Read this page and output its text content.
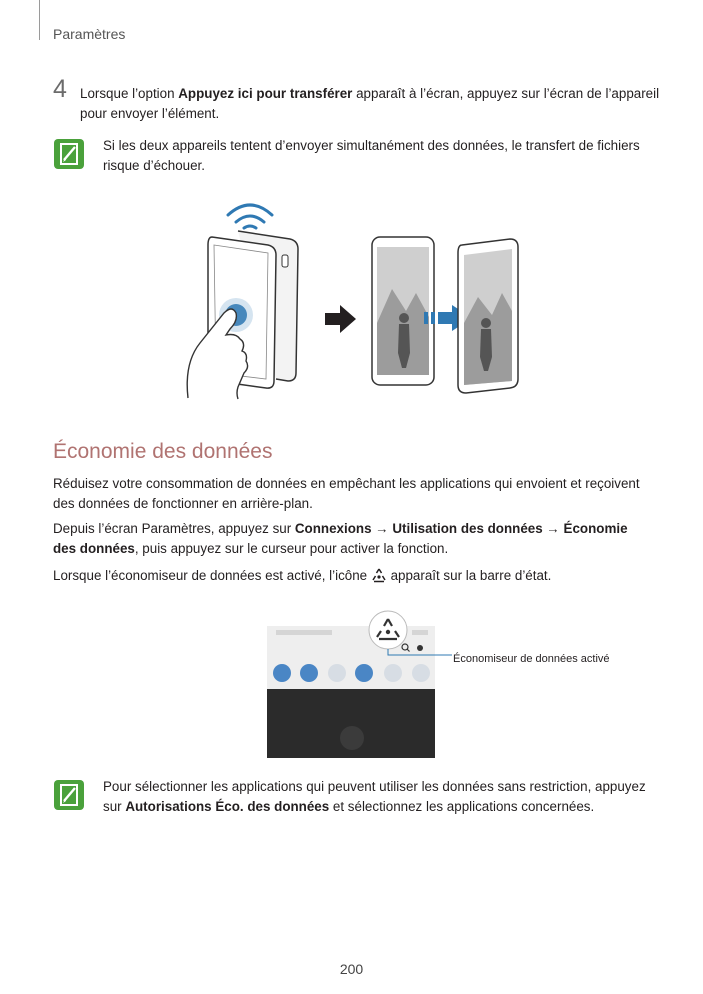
Paramètres
4 Lorsque l’option Appuyez ici pour transférer apparaît à l’écran, appuyez sur l’écran de l’appareil pour envoyer l’élément.
Si les deux appareils tentent d’envoyer simultanément des données, le transfert de fichiers risque d’échouer.
Économie des données
Réduisez votre consommation de données en empêchant les applications qui envoient et reçoivent des données de fonctionner en arrière-plan.
Depuis l’écran Paramètres, appuyez sur Connexions → Utilisation des données → Économie des données, puis appuyez sur le curseur pour activer la fonction.
Lorsque l’économiseur de données est activé, l’icône  apparaît sur la barre d’état.
Économiseur de données activé
Pour sélectionner les applications qui peuvent utiliser les données sans restriction, appuyez sur Autorisations Éco. des données et sélectionnez les applications concernées.
200
